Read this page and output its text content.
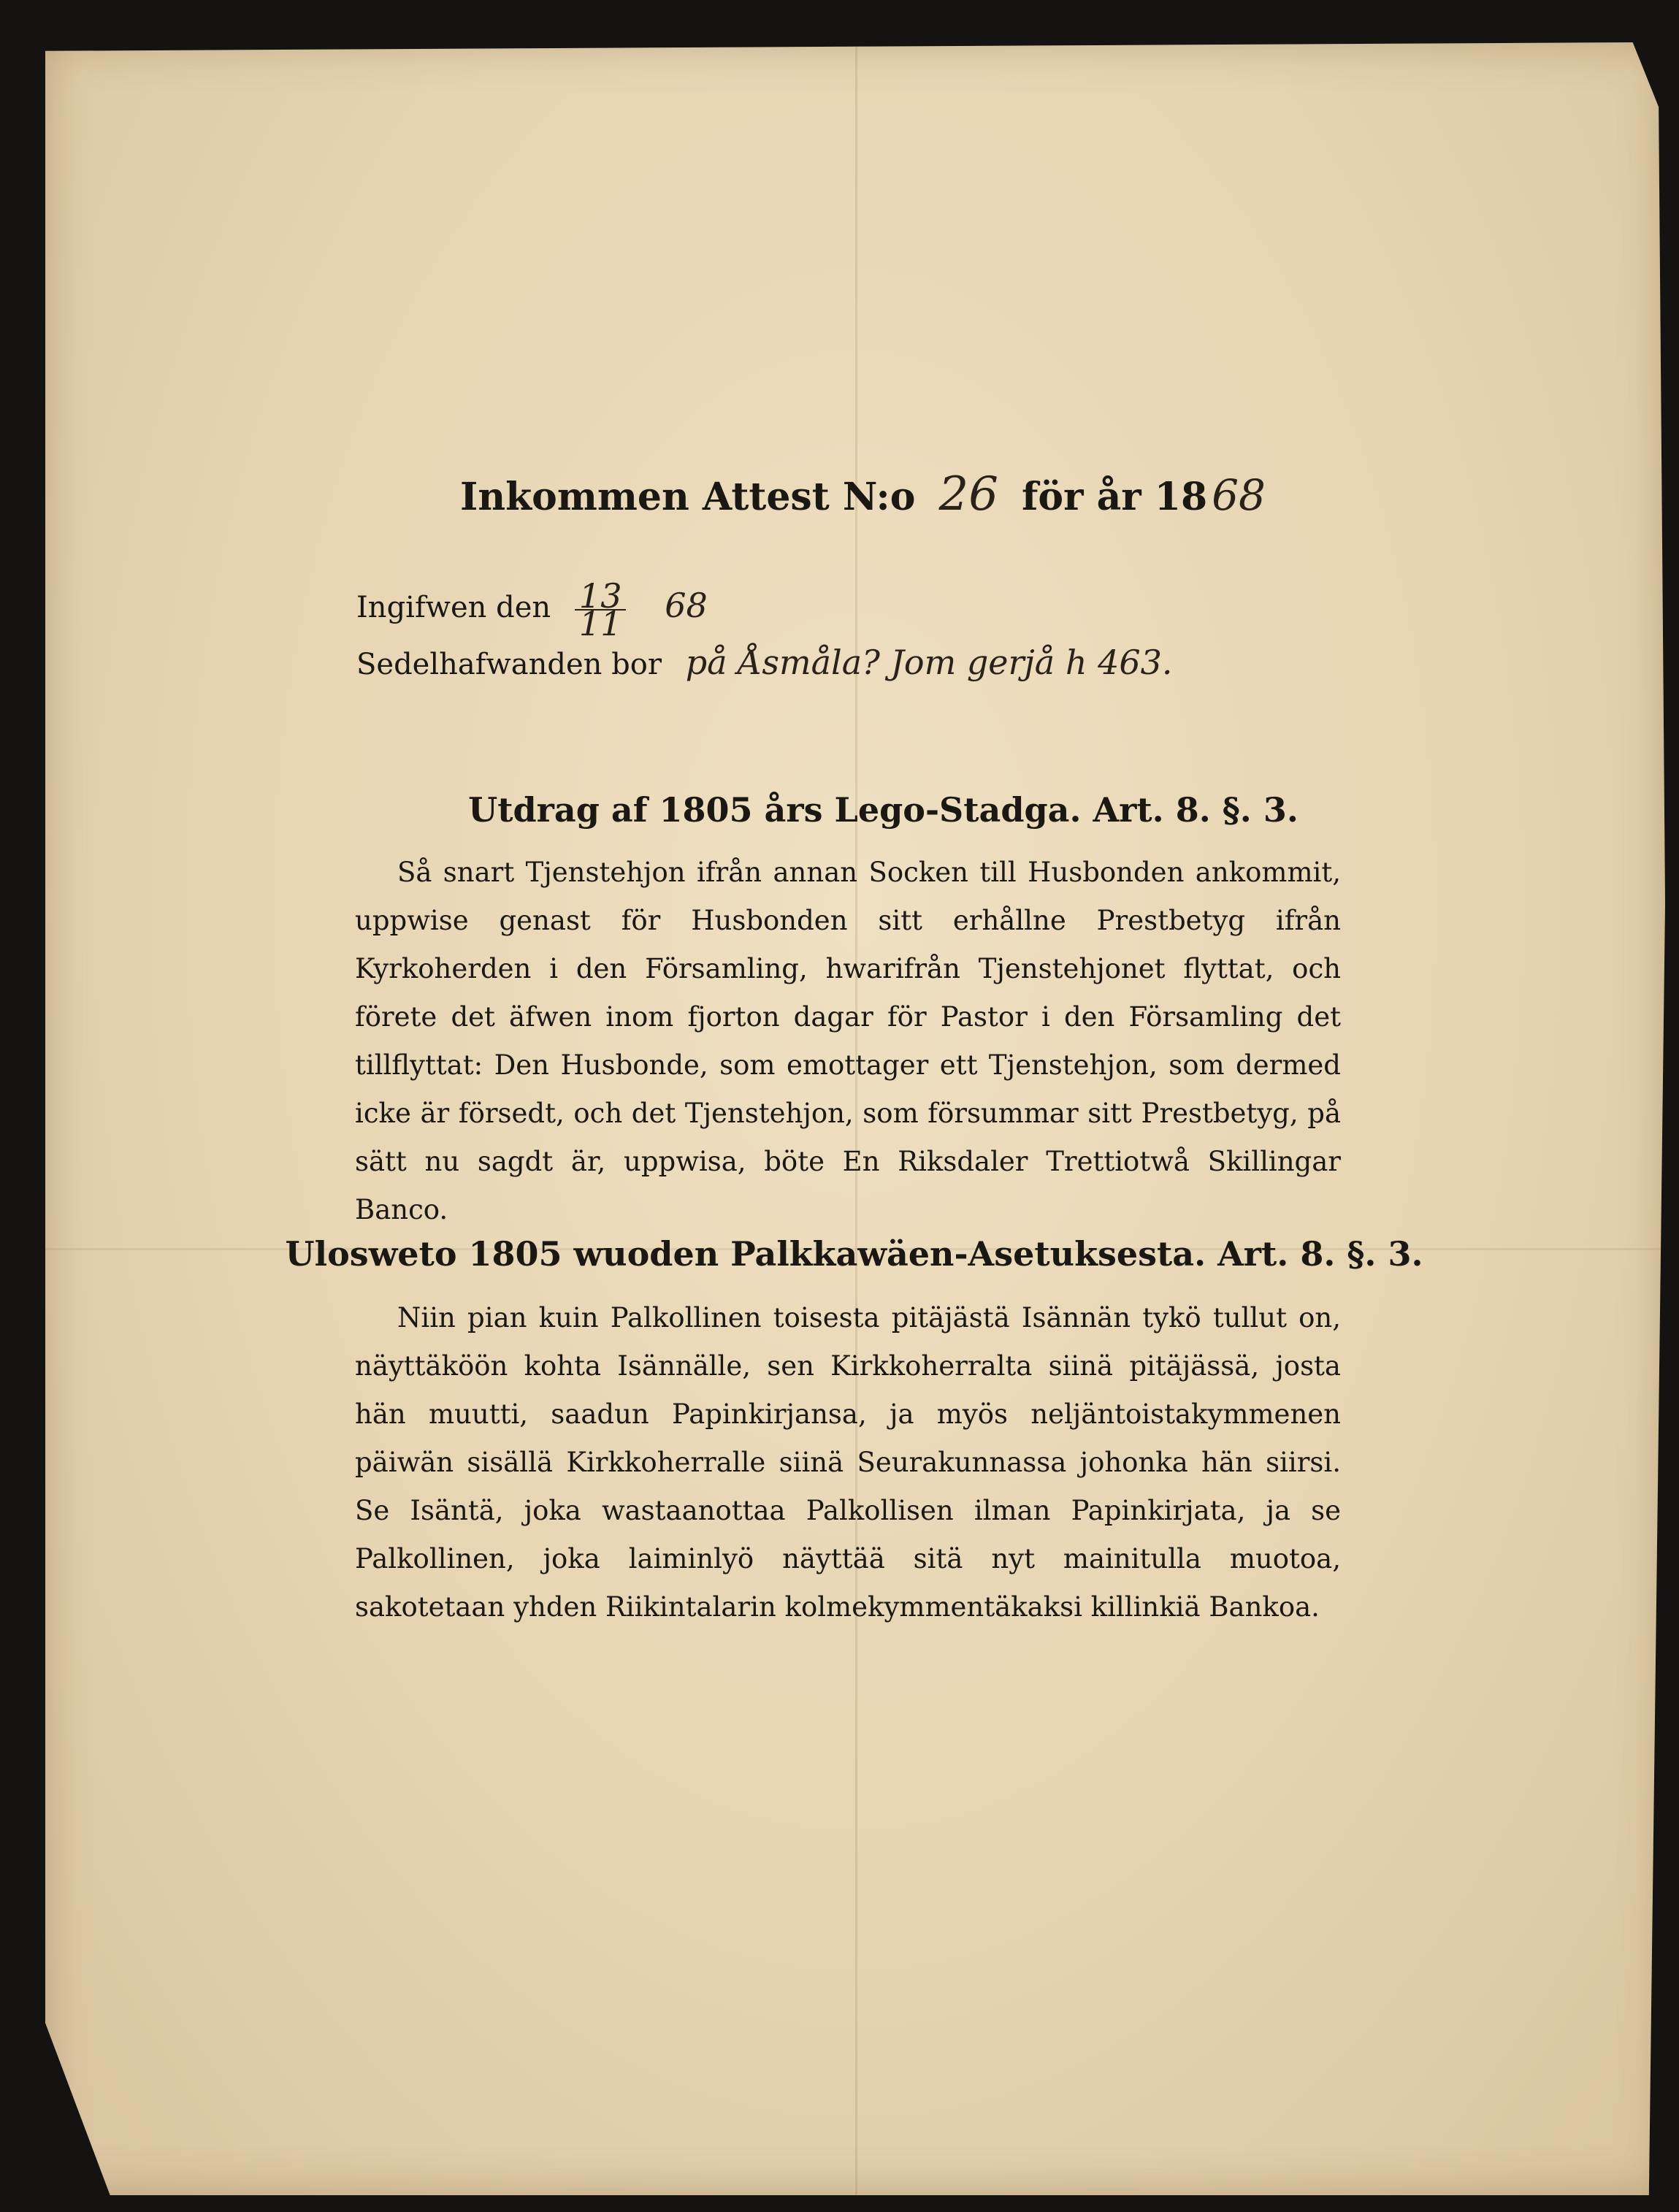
Inkommen Attest N:o 26 för år 18 68
Ingifwen den $\frac{13}{11} 68$
Sedelhafwanden bor på Åsmåla? Jom gerjå h 463.
Utdrag af 1805 års Lego-Stadga. Art. 8. §. 3.
Så snart Tjenstehjon ifrån annan Socken till Husbonden ankommit, uppwise genast för Husbonden sitt erhållne Prestbetyg ifrån Kyrkoherden i den Församling, hwarifrån Tjenstehjonet flyttat, och förete det äfwen inom fjorton dagar för Pastor i den Församling det tillflyttat: Den Husbonde, som emottager ett Tjenstehjon, som dermed icke är försedt, och det Tjenstehjon, som försummar sitt Prestbetyg, på sätt nu sagdt är, uppwisa, böte En Riksdaler Trettiotwå Skillingar Banco.
Ulosweto 1805 wuoden Palkkawäen-Asetuksesta. Art. 8. §. 3.
Niin pian kuin Palkollinen toisesta pitäjästä Isännän tykö tullut on, näyttäköön kohta Isännälle, sen Kirkkoherralta siinä pitäjässä, josta hän muutti, saadun Papinkirjansa, ja myös neljäntoistakymmenen päiwän sisällä Kirkkoherralle siinä Seurakunnassa johonka hän siirsi. Se Isäntä, joka wastaanottaa Palkollisen ilman Papinkirjata, ja se Palkollinen, joka laiminlyö näyttää sitä nyt mainitulla muotoa, sakotetaan yhden Riikintalarin kolmekymmentäkaksi killinkiä Bankoa.
